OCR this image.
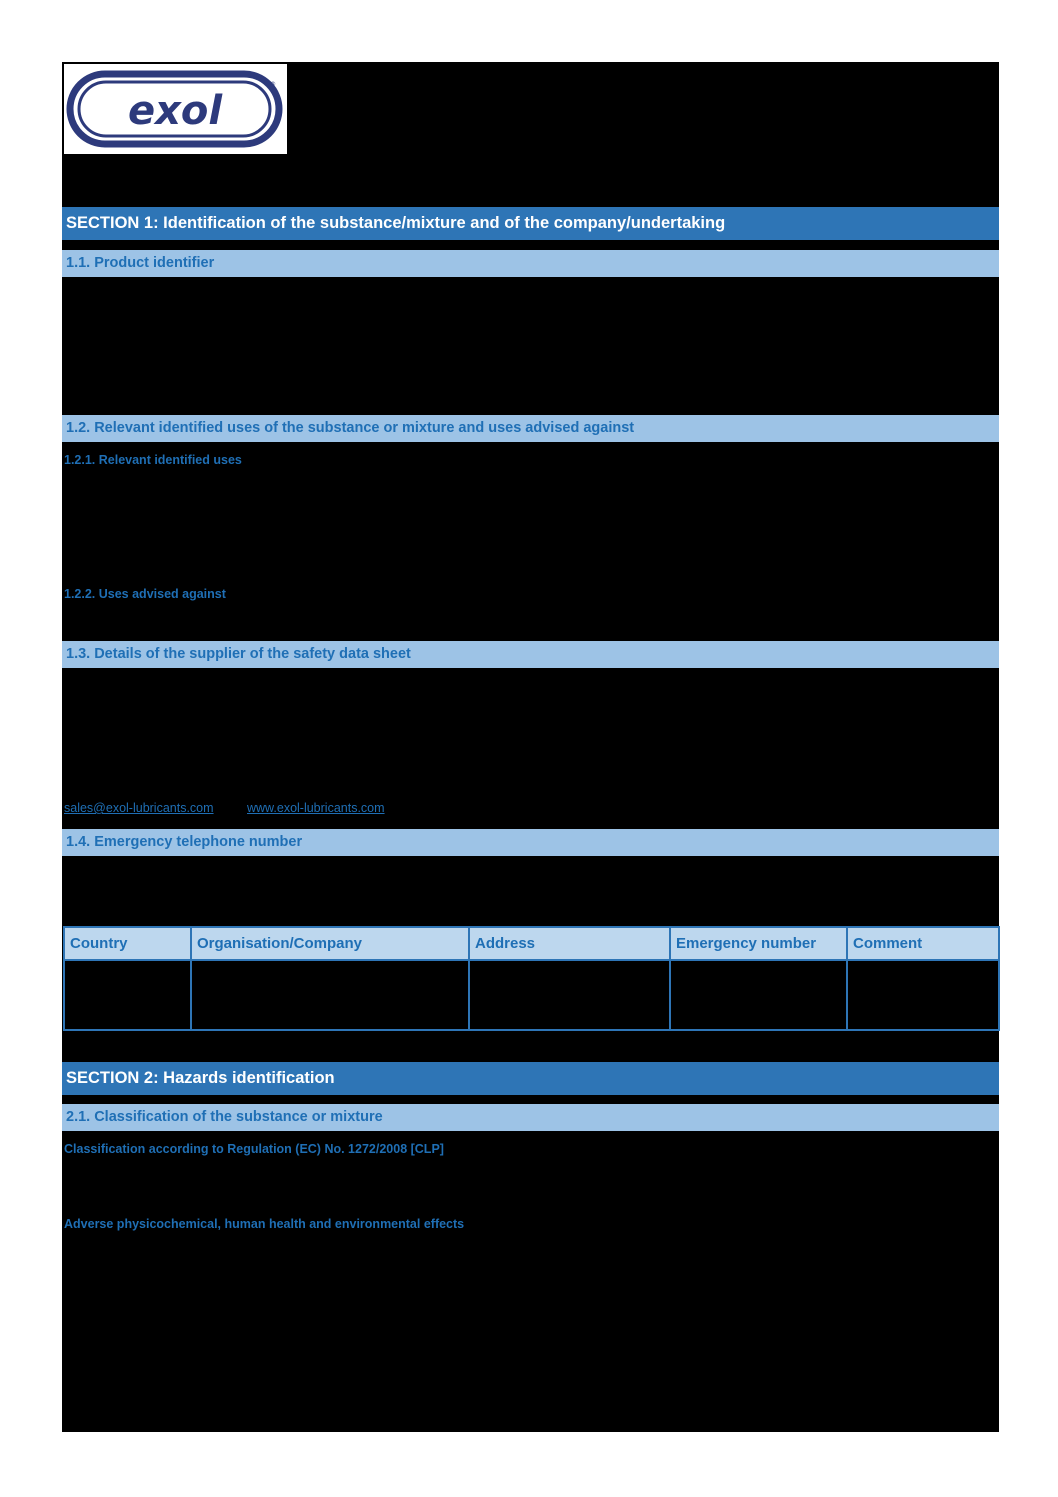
exol
®
SECTION 1: Identification of the substance/mixture and of the company/undertaking
1.1. Product identifier
1.2. Relevant identified uses of the substance or mixture and uses advised against
1.2.1. Relevant identified uses
1.2.2. Uses advised against
1.3. Details of the supplier of the safety data sheet
sales@exol-lubricants.com	www.exol-lubricants.com
1.4. Emergency telephone number
Country	Organisation/Company	Address	Emergency number	Comment

SECTION 2: Hazards identification
2.1. Classification of the substance or mixture
Classification according to Regulation (EC) No. 1272/2008 [CLP]
Adverse physicochemical, human health and environmental effects
